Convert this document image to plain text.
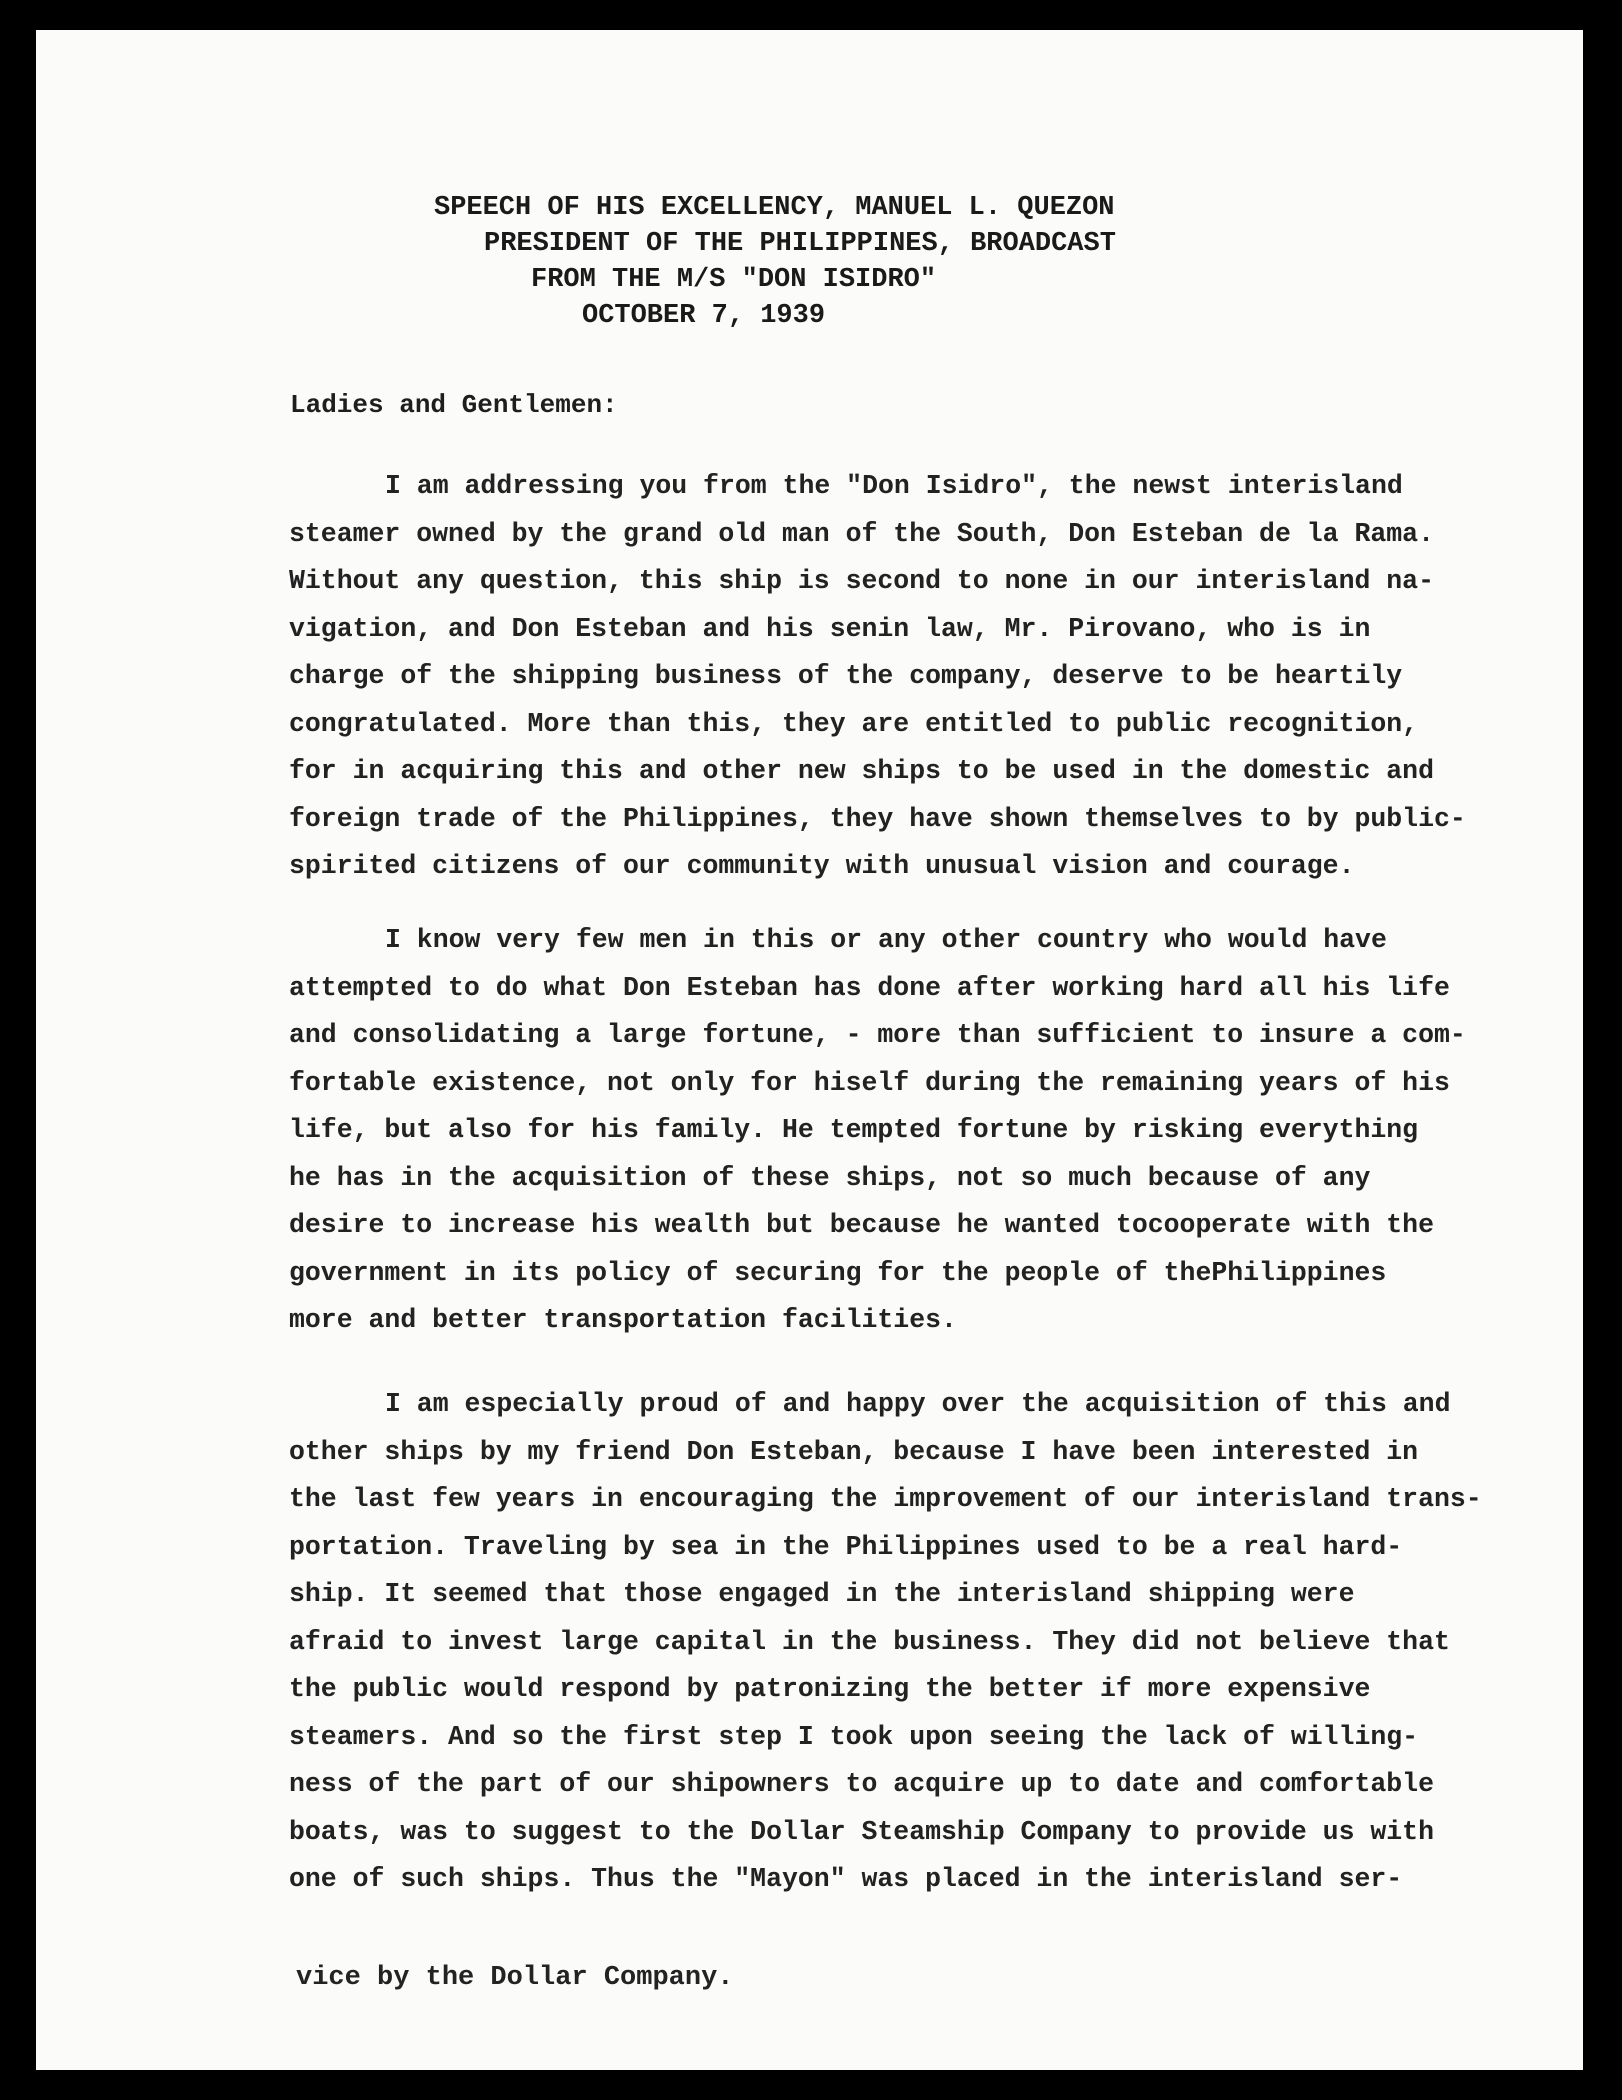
SPEECH OF HIS EXCELLENCY, MANUEL L. QUEZON

PRESIDENT OF THE PHILIPPINES, BROADCAST

FROM THE M/S "DON ISIDRO"

OCTOBER 7, 1939

Ladies and Gentlemen:
I am addressing you from the "Don Isidro", the newst interisland
steamer owned by the grand old man of the South, Don Esteban de la Rama.
Without any question, this ship is second to none in our interisland na-
vigation, and Don Esteban and his senin law, Mr. Pirovano, who is in
charge of the shipping business of the company, deserve to be heartily
congratulated. More than this, they are entitled to public recognition,
for in acquiring this and other new ships to be used in the domestic and
foreign trade of the Philippines, they have shown themselves to by public-
spirited citizens of our community with unusual vision and courage.
I know very few men in this or any other country who would have
attempted to do what Don Esteban has done after working hard all his life
and consolidating a large fortune, - more than sufficient to insure a com-
fortable existence, not only for hiself during the remaining years of his
life, but also for his family. He tempted fortune by risking everything
he has in the acquisition of these ships, not so much because of any
desire to increase his wealth but because he wanted tocooperate with the
government in its policy of securing for the people of thePhilippines
more and better transportation facilities.
I am especially proud of and happy over the acquisition of this and
other ships by my friend Don Esteban, because I have been interested in
the last few years in encouraging the improvement of our interisland trans-
portation. Traveling by sea in the Philippines used to be a real hard-
ship. It seemed that those engaged in the interisland shipping were
afraid to invest large capital in the business. They did not believe that
the public would respond by patronizing the better if more expensive
steamers. And so the first step I took upon seeing the lack of willing-
ness of the part of our shipowners to acquire up to date and comfortable
boats, was to suggest to the Dollar Steamship Company to provide us with
one of such ships. Thus the "Mayon" was placed in the interisland ser-
vice by the Dollar Company.
